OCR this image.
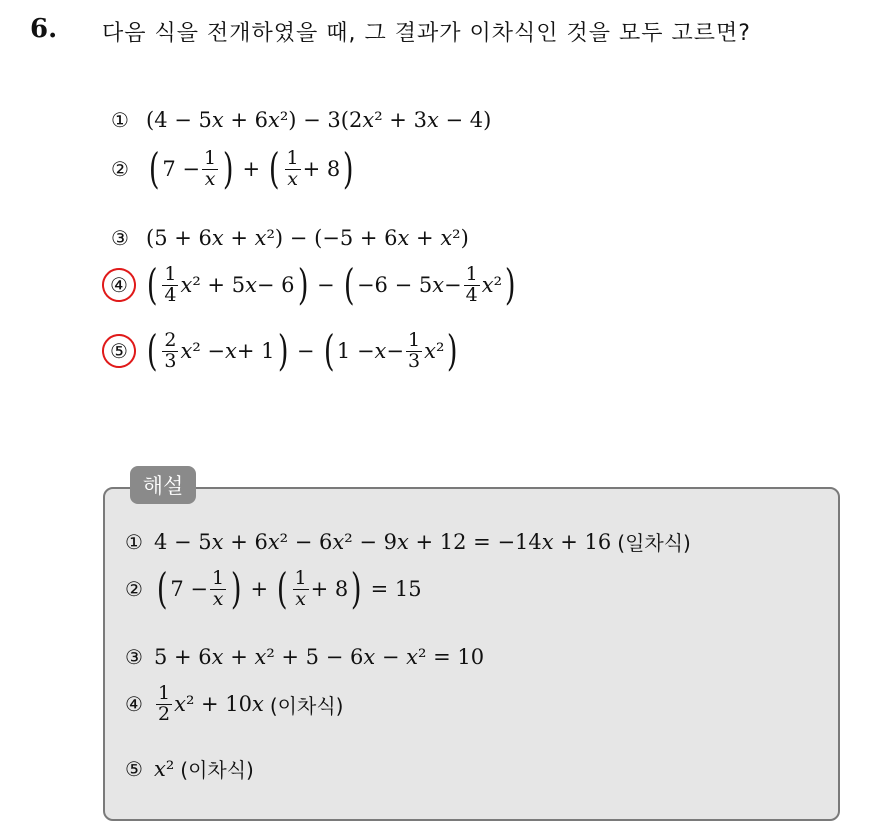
6. 다음 식을 전개하였을 때, 그 결과가 이차식인 것을 모두 고르면?
① (4 − 5x + 6x²) − 3(2x² + 3x − 4)
② ( $7 - \frac{1}{x}$ ) + ( $\frac{1}{x} + 8$ )
③ (5 + 6x + x²) − (−5 + 6x + x²)
④ ( $\frac{1}{4}$ x ² + 5 x − 6 ) − ( −6 − 5 $x - \frac{1}{4}$ x ² )
⑤ ( $\frac{2}{3}$ x ² − x + 1 ) − ( $1 - x - \frac{1}{3}$ x ² )
해설
① 4 − 5x + 6x² − 6x² − 9x + 12 = −14x + 16 (일차식)
② ( $7 - \frac{1}{x}$ ) + ( $\frac{1}{x} + 8$ ) = 15
③ 5 + 6x + x² + 5 − 6x − x² = 10
④ $\frac{1}{2}$ x ² + 10 x (이차식)
⑤ x² (이차식)
